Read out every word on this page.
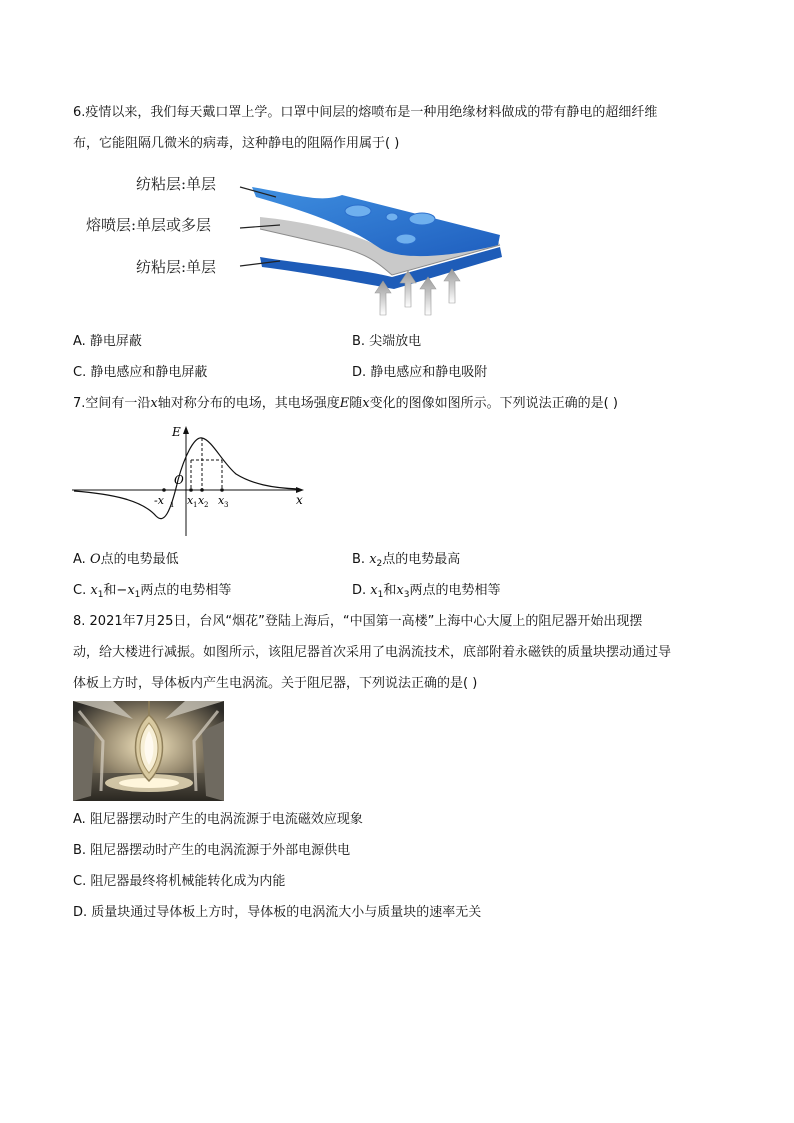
6.疫情以来，我们每天戴口罩上学。口罩中间层的熔喷布是一种用绝缘材料做成的带有静电的超细纤维
布，它能阻隔几微米的病毒，这种静电的阻隔作用属于( )
纺粘层:单层
熔喷层:单层或多层
纺粘层:单层
A. 静电屏蔽	B. 尖端放电
C. 静电感应和静电屏蔽	D. 静电感应和静电吸附
7.空间有一沿x轴对称分布的电场，其电场强度E随x变化的图像如图所示。下列说法正确的是( )
E
x
O
-x 1 x 1 x 2 x 3
A. O点的电势最低	B. $x_2$点的电势最高
C. $x_1$和$-x_1$两点的电势相等	D. $x_1$和$x_3$两点的电势相等
8. 2021年7月25日，台风“烟花”登陆上海后，“中国第一高楼”上海中心大厦上的阻尼器开始出现摆
动，给大楼进行减振。如图所示，该阻尼器首次采用了电涡流技术，底部附着永磁铁的质量块摆动通过导
体板上方时，导体板内产生电涡流。关于阻尼器，下列说法正确的是( )
A. 阻尼器摆动时产生的电涡流源于电流磁效应现象
B. 阻尼器摆动时产生的电涡流源于外部电源供电
C. 阻尼器最终将机械能转化成为内能
D. 质量块通过导体板上方时，导体板的电涡流大小与质量块的速率无关
